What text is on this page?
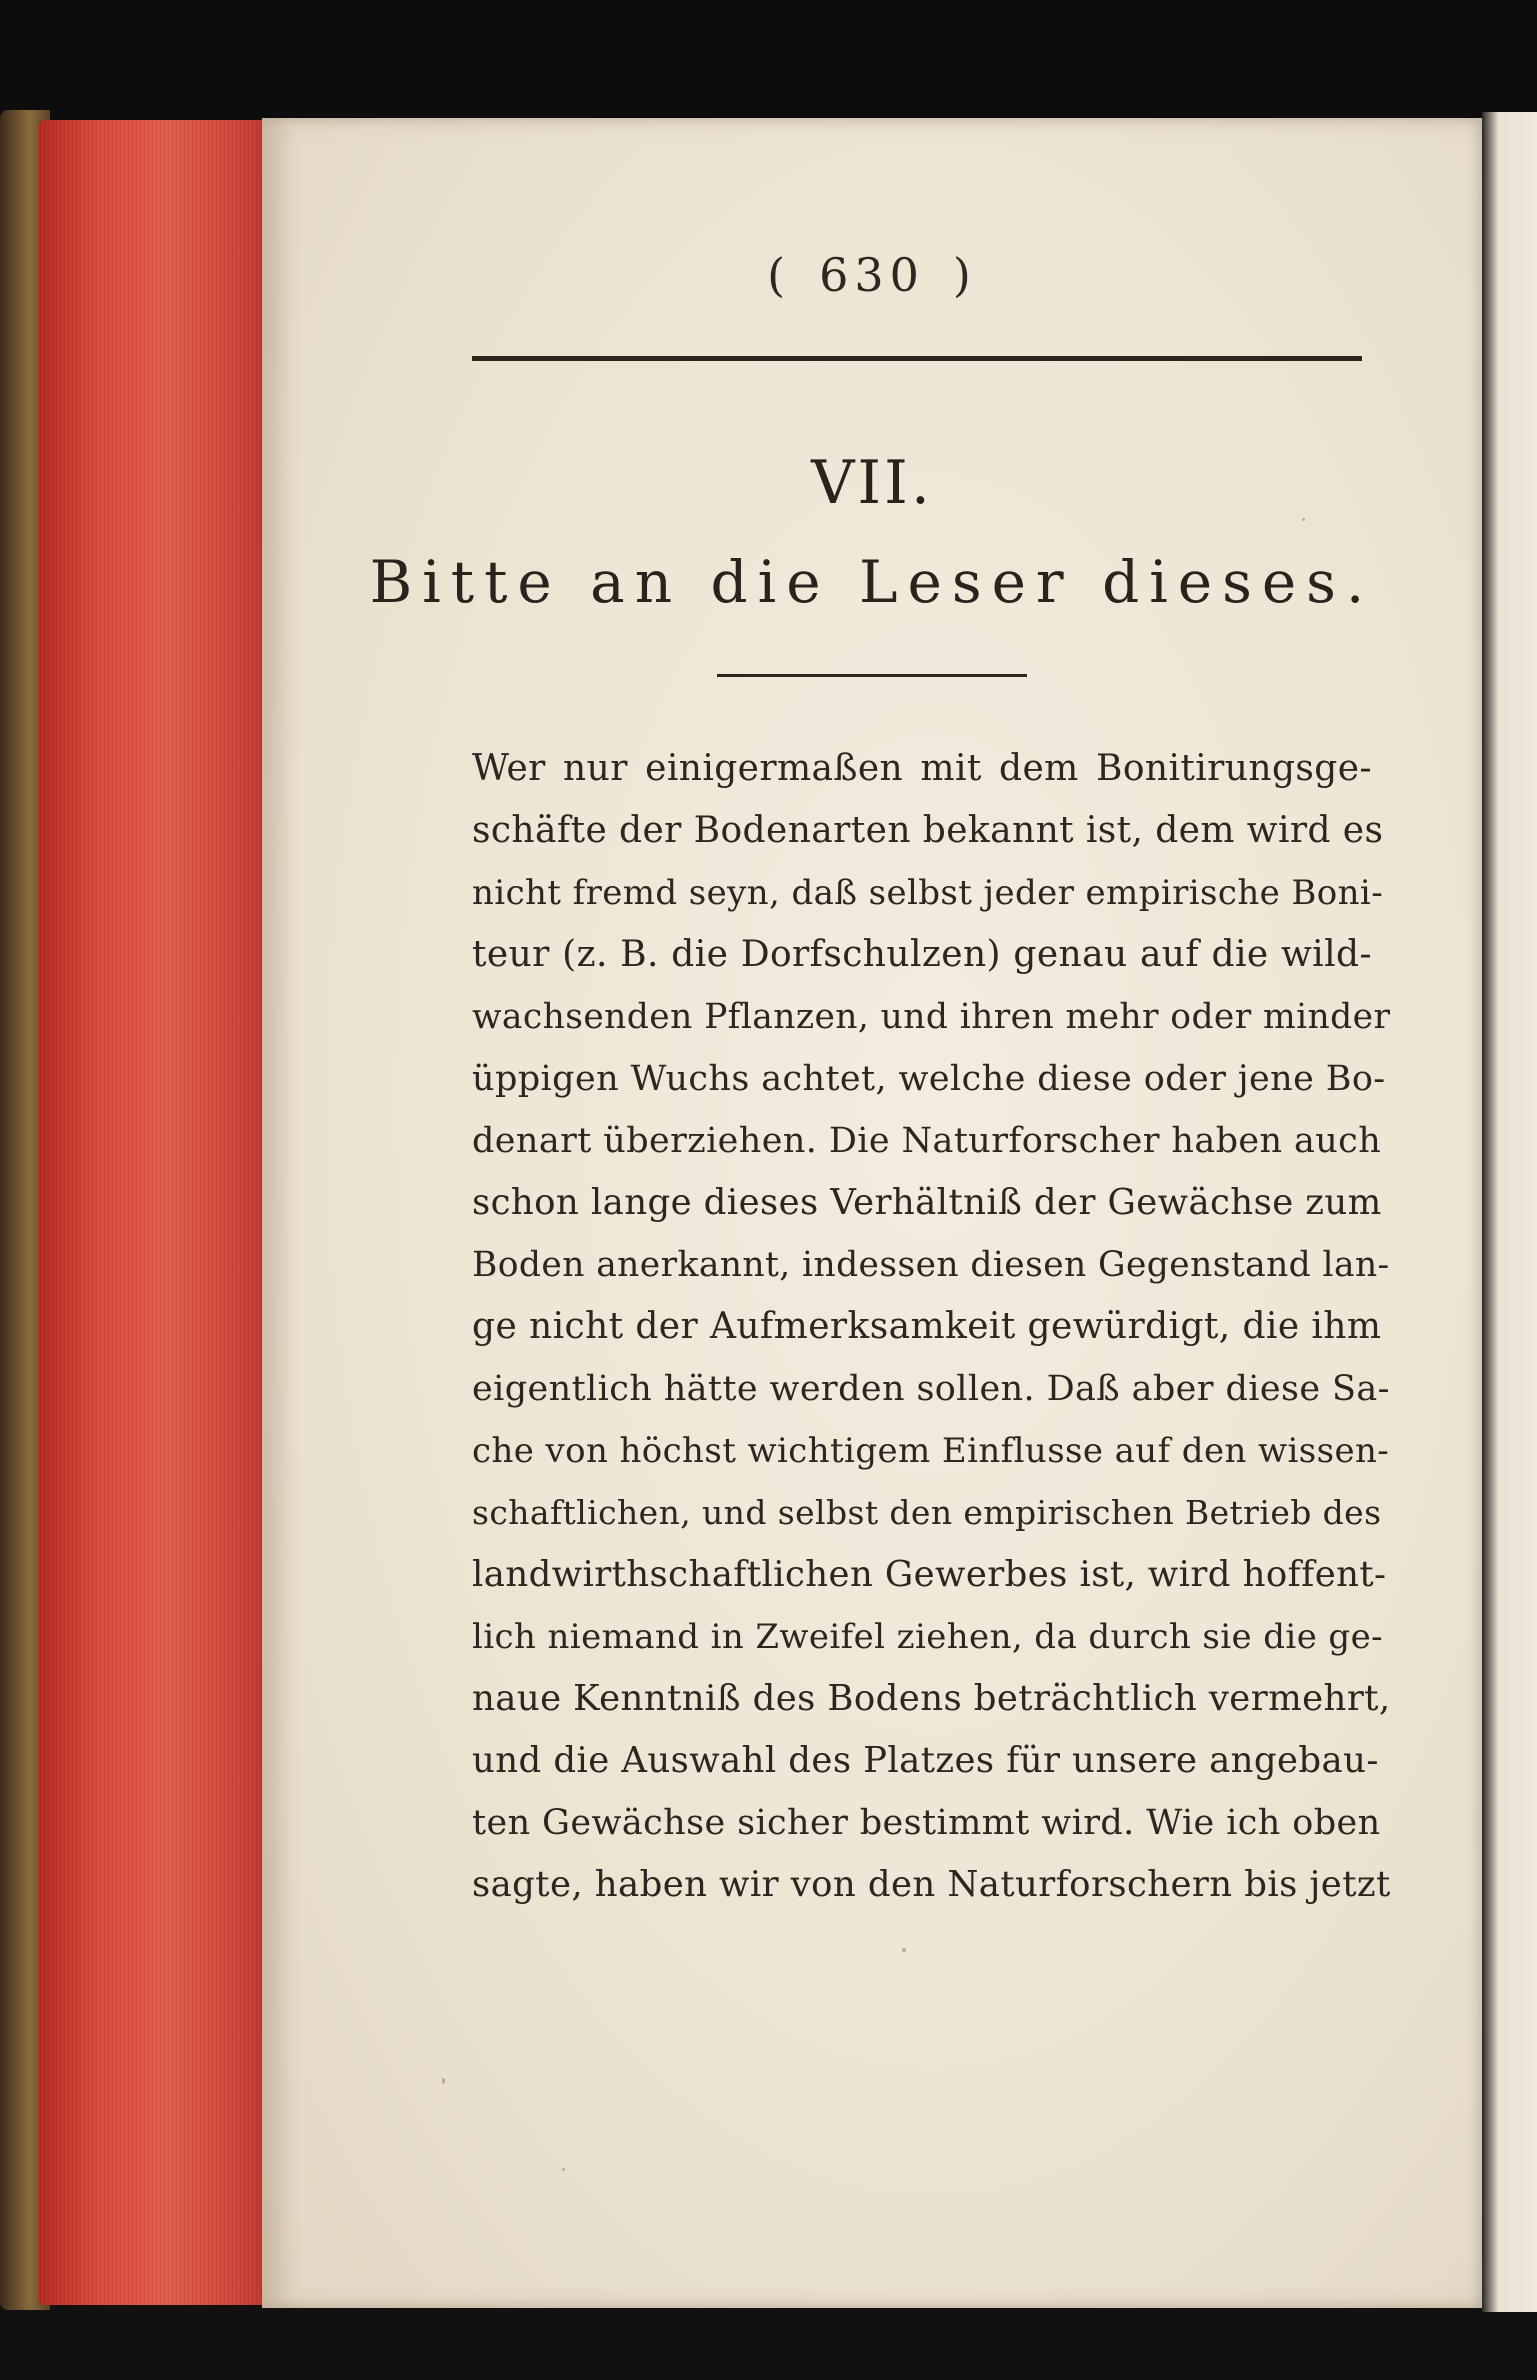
( 630 )
VII.
Bitte an die Leser dieses.
Wer nur einigermaßen mit dem Bonitirungsge-
schäfte der Bodenarten bekannt ist, dem wird es
nicht fremd seyn, daß selbst jeder empirische Boni-
teur (z. B. die Dorfschulzen) genau auf die wild-
wachsenden Pflanzen, und ihren mehr oder minder
üppigen Wuchs achtet, welche diese oder jene Bo-
denart überziehen. Die Naturforscher haben auch
schon lange dieses Verhältniß der Gewächse zum
Boden anerkannt, indessen diesen Gegenstand lan-
ge nicht der Aufmerksamkeit gewürdigt, die ihm
eigentlich hätte werden sollen. Daß aber diese Sa-
che von höchst wichtigem Einflusse auf den wissen-
schaftlichen, und selbst den empirischen Betrieb des
landwirthschaftlichen Gewerbes ist, wird hoffent-
lich niemand in Zweifel ziehen, da durch sie die ge-
naue Kenntniß des Bodens beträchtlich vermehrt,
und die Auswahl des Platzes für unsere angebau-
ten Gewächse sicher bestimmt wird. Wie ich oben
sagte, haben wir von den Naturforschern bis jetzt
